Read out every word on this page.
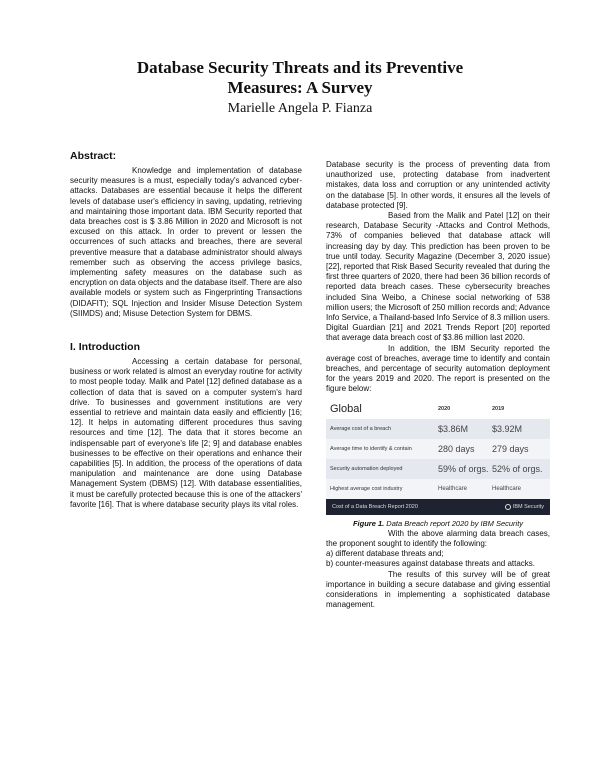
Database Security Threats and its Preventive
Measures: A Survey
Marielle Angela P. Fianza
Abstract:

Knowledge and implementation of database security measures is a must, especially today's advanced cyber-attacks. Databases are essential because it helps the different levels of database user's efficiency in saving, updating, retrieving and maintaining those important data. IBM Security reported that data breaches cost is $ 3.86 Million in 2020 and Microsoft is not excused on this attack. In order to prevent or lessen the occurrences of such attacks and breaches, there are several preventive measure that a database administrator should always remember such as observing the access privilege basics, implementing safety measures on the database such as encryption on data objects and the database itself. There are also available models or system such as Fingerprinting Transactions (DIDAFIT); SQL Injection and Insider Misuse Detection System (SIIMDS) and; Misuse Detection System for DBMS.

I. Introduction

Accessing a certain database for personal, business or work related is almost an everyday routine for activity to most people today. Malik and Patel [12] defined database as a collection of data that is saved on a computer system's hard drive. To businesses and government institutions are very essential to retrieve and maintain data easily and efficiently [16; 12]. It helps in automating different procedures thus saving resources and time [12]. The data that it stores become an indispensable part of everyone's life [2; 9] and database enables businesses to be effective on their operations and enhance their capabilities [5]. In addition, the process of the operations of data manipulation and maintenance are done using Database Management System (DBMS) [12]. With database essentialities, it must be carefully protected because this is one of the attackers' favorite [16]. That is where database security plays its vital roles.

Database security is the process of preventing data from unauthorized use, protecting database from inadvertent mistakes, data loss and corruption or any unintended activity on the database [5]. In other words, it ensures all the levels of database protected [9].

Based from the Malik and Patel [12] on their research, Database Security -Attacks and Control Methods, 73% of companies believed that database attack will increasing day by day. This prediction has been proven to be true until today. Security Magazine (December 3, 2020 issue) [22], reported that Risk Based Security revealed that during the first three quarters of 2020, there had been 36 billion records of reported data breach cases. These cybersecurity breaches included Sina Weibo, a Chinese social networking of 538 million users; the Microsoft of 250 million records and; Advance Info Service, a Thailand-based Info Service of 8.3 million users. Digital Guardian [21] and 2021 Trends Report [20] reported that average data breach cost of $3.86 million last 2020.

In addition, the IBM Security reported the average cost of breaches, average time to identify and contain breaches, and percentage of security automation deployment for the years 2019 and 2020. The report is presented on the figure below:

Global	2020	2019
Average cost of a breach	$3.86M	$3.92M
Average time to identify & contain	280 days	279 days
Security automation deployed	59% of orgs. 52% of orgs.
Highest average cost industry	Healthcare	Healthcare
Cost of a Data Breach Report 2020	IBM Security

Figure 1. Data Breach report 2020 by IBM Security

With the above alarming data breach cases, the proponent sought to identify the following:

a) different database threats and;

b) counter-measures against database threats and attacks.

The results of this survey will be of great importance in building a secure database and giving essential considerations in implementing a sophisticated database management.
